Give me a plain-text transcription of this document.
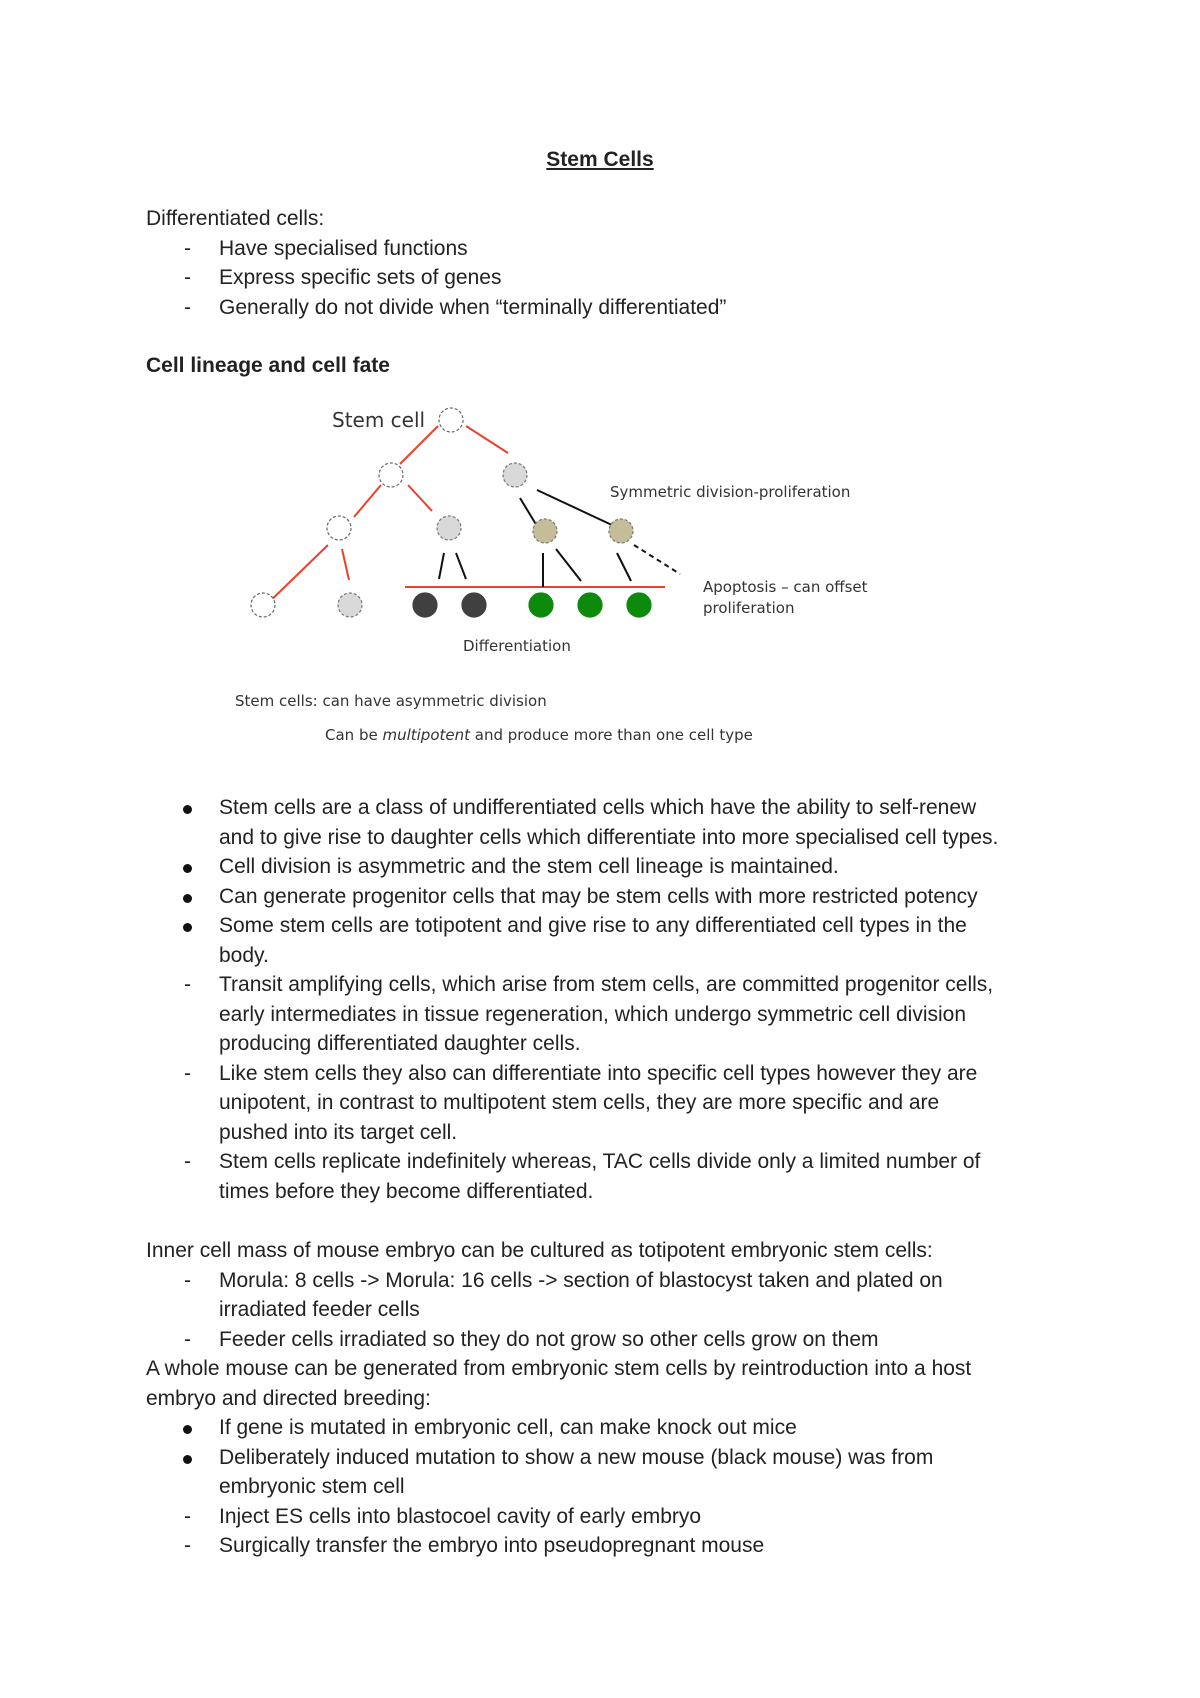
Stem Cells
Differentiated cells:
-	Have specialised functions
-	Express specific sets of genes
-	Generally do not divide when “terminally differentiated”
Cell lineage and cell fate
Stem cell
Symmetric division-proliferation
Apoptosis – can offset
proliferation
Differentiation
Stem cells: can have asymmetric division
Can be multipotent and produce more than one cell type
Stem cells are a class of undifferentiated cells which have the ability to self-renew
and to give rise to daughter cells which differentiate into more specialised cell types.
Cell division is asymmetric and the stem cell lineage is maintained.
Can generate progenitor cells that may be stem cells with more restricted potency
Some stem cells are totipotent and give rise to any differentiated cell types in the
body.
-	Transit amplifying cells, which arise from stem cells, are committed progenitor cells,
early intermediates in tissue regeneration, which undergo symmetric cell division
producing differentiated daughter cells.
-	Like stem cells they also can differentiate into specific cell types however they are
unipotent, in contrast to multipotent stem cells, they are more specific and are
pushed into its target cell.
-	Stem cells replicate indefinitely whereas, TAC cells divide only a limited number of
times before they become differentiated.
Inner cell mass of mouse embryo can be cultured as totipotent embryonic stem cells:
-	Morula: 8 cells -> Morula: 16 cells -> section of blastocyst taken and plated on
irradiated feeder cells
-	Feeder cells irradiated so they do not grow so other cells grow on them
A whole mouse can be generated from embryonic stem cells by reintroduction into a host
embryo and directed breeding:
If gene is mutated in embryonic cell, can make knock out mice
Deliberately induced mutation to show a new mouse (black mouse) was from
embryonic stem cell
-	Inject ES cells into blastocoel cavity of early embryo
-	Surgically transfer the embryo into pseudopregnant mouse
